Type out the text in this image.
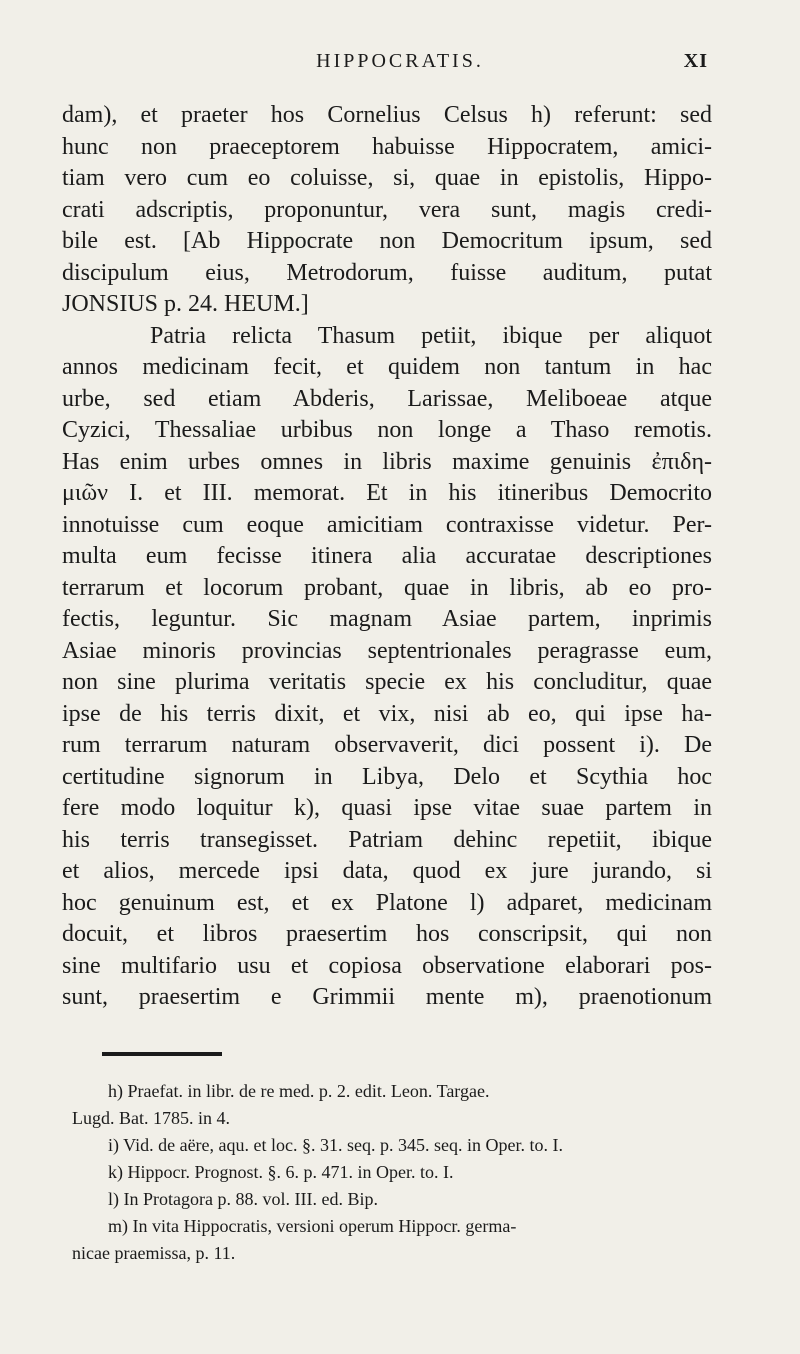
HIPPOCRATIS.	XI
dam), et praeter hos Cornelius Celsus h) referunt: sed
hunc non praeceptorem habuisse Hippocratem, amici-
tiam vero cum eo coluisse, si, quae in epistolis, Hippo-
crati adscriptis, proponuntur, vera sunt, magis credi-
bile est. [Ab Hippocrate non Democritum ipsum, sed
discipulum eius, Metrodorum, fuisse auditum, putat
JONSIUS p. 24. HEUM.]
Patria relicta Thasum petiit, ibique per aliquot
annos medicinam fecit, et quidem non tantum in hac
urbe, sed etiam Abderis, Larissae, Meliboeae atque
Cyzici, Thessaliae urbibus non longe a Thaso remotis.
Has enim urbes omnes in libris maxime genuinis ἐπιδη-
μιῶν I. et III. memorat. Et in his itineribus Democrito
innotuisse cum eoque amicitiam contraxisse videtur. Per-
multa eum fecisse itinera alia accuratae descriptiones
terrarum et locorum probant, quae in libris, ab eo pro-
fectis, leguntur. Sic magnam Asiae partem, inprimis
Asiae minoris provincias septentrionales peragrasse eum,
non sine plurima veritatis specie ex his concluditur, quae
ipse de his terris dixit, et vix, nisi ab eo, qui ipse ha-
rum terrarum naturam observaverit, dici possent i). De
certitudine signorum in Libya, Delo et Scythia hoc
fere modo loquitur k), quasi ipse vitae suae partem in
his terris transegisset. Patriam dehinc repetiit, ibique
et alios, mercede ipsi data, quod ex jure jurando, si
hoc genuinum est, et ex Platone l) adparet, medicinam
docuit, et libros praesertim hos conscripsit, qui non
sine multifario usu et copiosa observatione elaborari pos-
sunt, praesertim e Grimmii mente m), praenotionum
h) Praefat. in libr. de re med. p. 2. edit. Leon. Targae.
Lugd. Bat. 1785. in 4.
i) Vid. de aëre, aqu. et loc. §. 31. seq. p. 345. seq. in Oper. to. I.
k) Hippocr. Prognost. §. 6. p. 471. in Oper. to. I.
l) In Protagora p. 88. vol. III. ed. Bip.
m) In vita Hippocratis, versioni operum Hippocr. germa-
nicae praemissa, p. 11.
